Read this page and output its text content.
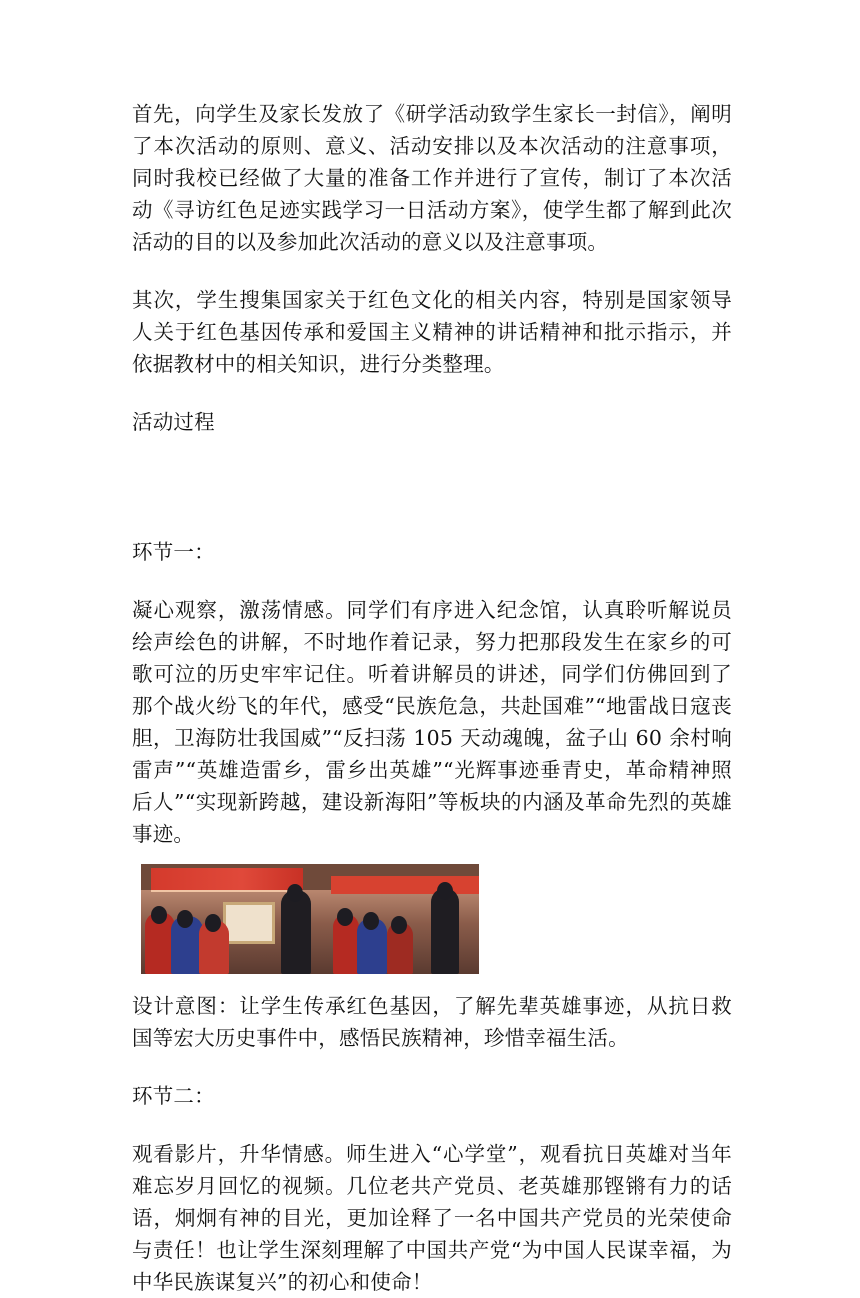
首先，向学生及家长发放了《研学活动致学生家长一封信》，阐明了本次活动的原则、意义、活动安排以及本次活动的注意事项，同时我校已经做了大量的准备工作并进行了宣传，制订了本次活动《寻访红色足迹实践学习一日活动方案》，使学生都了解到此次活动的目的以及参加此次活动的意义以及注意事项。

其次，学生搜集国家关于红色文化的相关内容，特别是国家领导人关于红色基因传承和爱国主义精神的讲话精神和批示指示，并依据教材中的相关知识，进行分类整理。

活动过程

环节一：

凝心观察，激荡情感。同学们有序进入纪念馆，认真聆听解说员绘声绘色的讲解，不时地作着记录，努力把那段发生在家乡的可歌可泣的历史牢牢记住。听着讲解员的讲述，同学们仿佛回到了那个战火纷飞的年代，感受“民族危急，共赴国难”“地雷战日寇丧胆，卫海防壮我国威”“反扫荡 105 天动魂魄，盆子山 60 余村响雷声”“英雄造雷乡，雷乡出英雄”“光辉事迹垂青史，革命精神照后人”“实现新跨越，建设新海阳”等板块的内涵及革命先烈的英雄事迹。

设计意图：让学生传承红色基因，了解先辈英雄事迹，从抗日救国等宏大历史事件中，感悟民族精神，珍惜幸福生活。

环节二：

观看影片，升华情感。师生进入“心学堂”，观看抗日英雄对当年难忘岁月回忆的视频。几位老共产党员、老英雄那铿锵有力的话语，炯炯有神的目光，更加诠释了一名中国共产党员的光荣使命与责任！也让学生深刻理解了中国共产党“为中国人民谋幸福，为中华民族谋复兴”的初心和使命！
